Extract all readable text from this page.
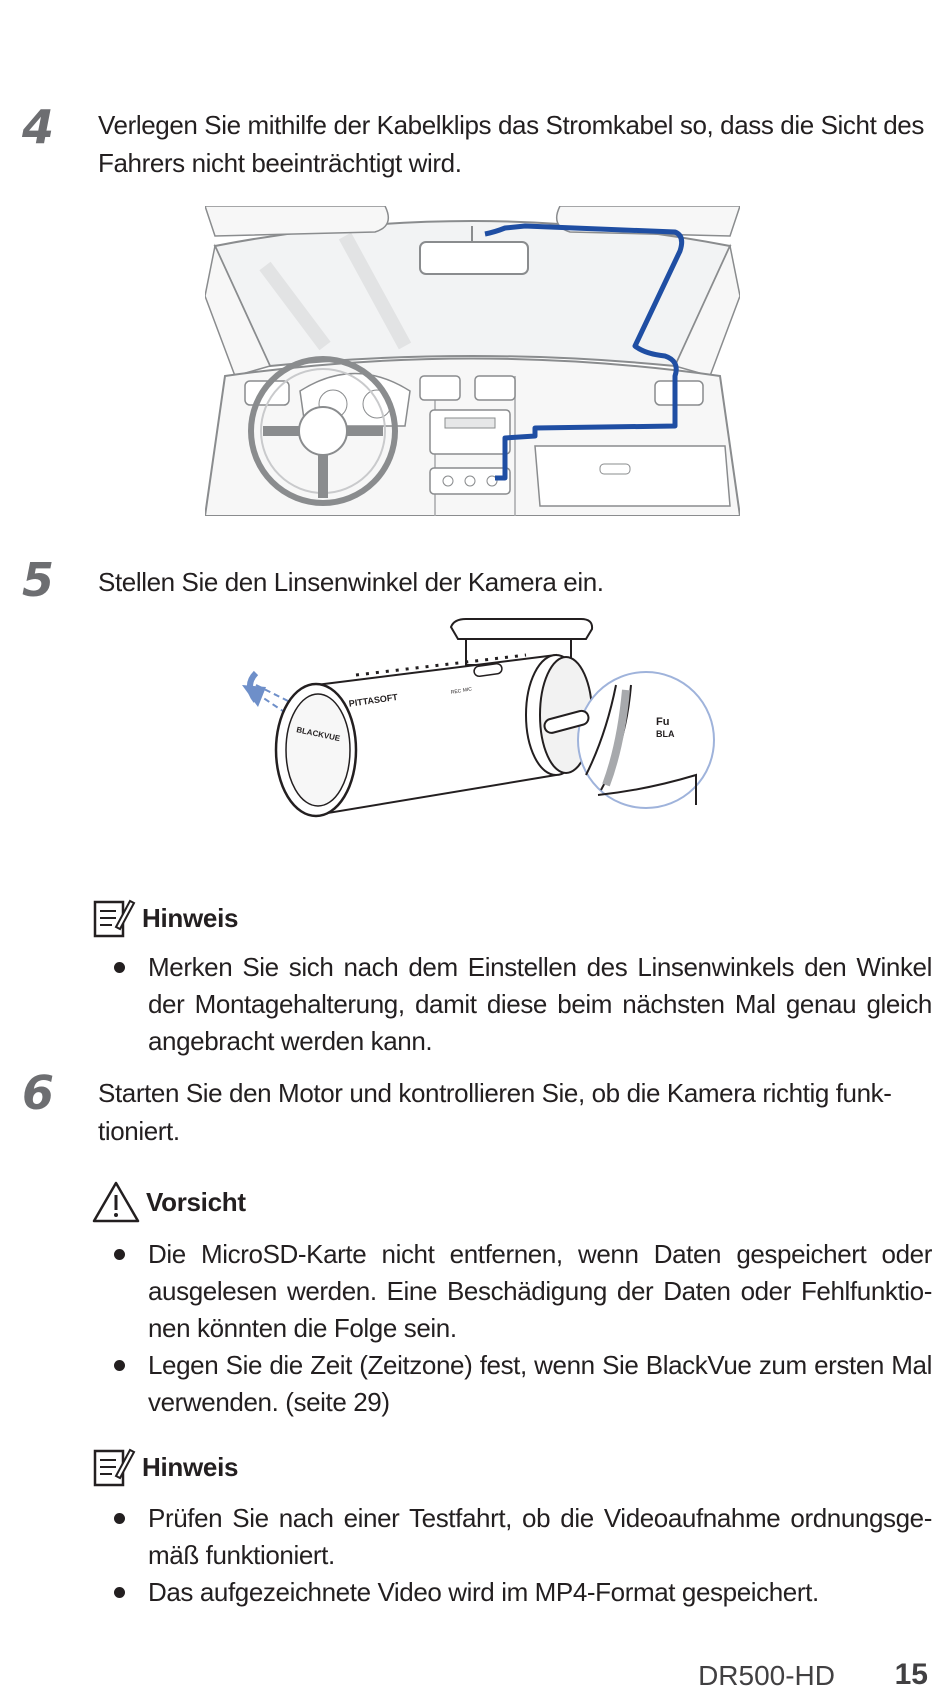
4 Verlegen Sie mithilfe der Kabelklips das Stromkabel so, dass die Sicht des Fahrers nicht beeinträchtigt wird.
5 Stellen Sie den Linsenwinkel der Kamera ein.
BLACKVUE
PITTASOFT	REC MIC
Fu
BLA
Hinweis
Merken Sie sich nach dem Einstellen des Linsenwinkels den Winkel der Montagehalterung, damit diese beim nächsten Mal genau gleich angebracht werden kann.
6 Starten Sie den Motor und kontrollieren Sie, ob die Kamera richtig funk- tioniert.
Vorsicht
Die MicroSD-Karte nicht entfernen, wenn Daten gespeichert oder ausgelesen werden. Eine Beschädigung der Daten oder Fehlfunktio- nen könnten die Folge sein.
Legen Sie die Zeit (Zeitzone) fest, wenn Sie BlackVue zum ersten Mal verwenden. (seite 29)
Hinweis
Prüfen Sie nach einer Testfahrt, ob die Videoaufnahme ordnungsge- mäß funktioniert.
Das aufgezeichnete Video wird im MP4-Format gespeichert.
DR500-HD 15
